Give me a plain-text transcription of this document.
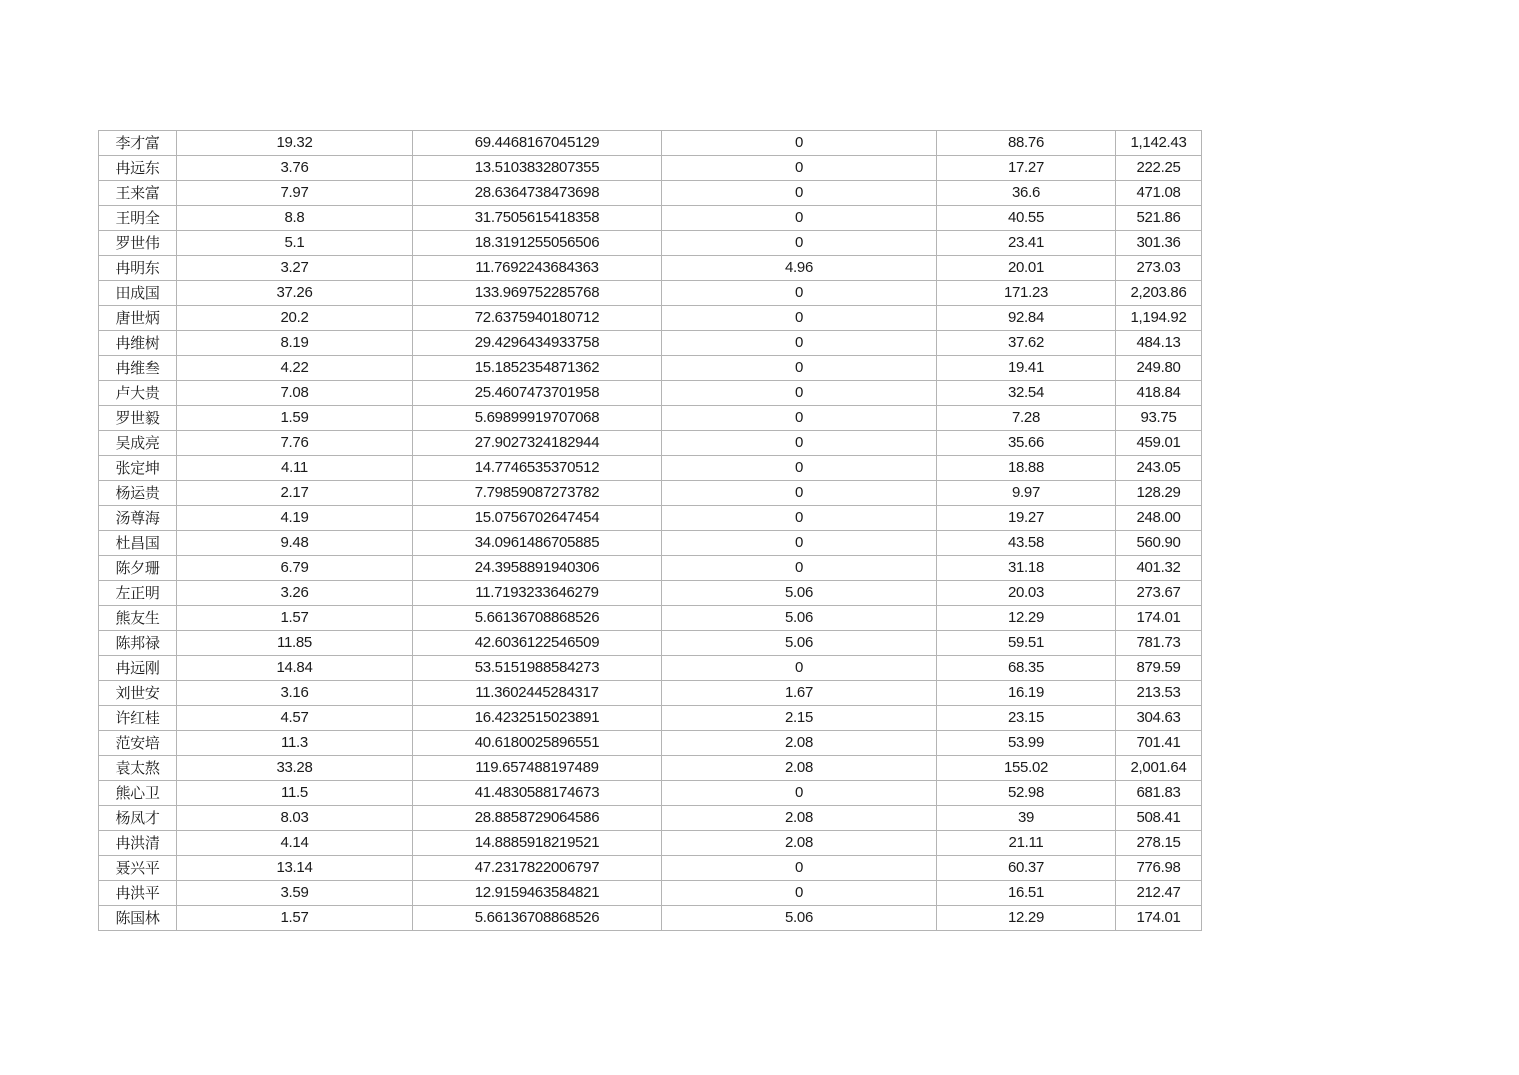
李才富	19.32	69.4468167045129	0	88.76	1,142.43
冉远东	3.76	13.5103832807355	0	17.27	222.25
王来富	7.97	28.6364738473698	0	36.6	471.08
王明全	8.8	31.7505615418358	0	40.55	521.86
罗世伟	5.1	18.3191255056506	0	23.41	301.36
冉明东	3.27	11.7692243684363	4.96	20.01	273.03
田成国	37.26	133.969752285768	0	171.23	2,203.86
唐世炳	20.2	72.6375940180712	0	92.84	1,194.92
冉维树	8.19	29.4296434933758	0	37.62	484.13
冉维叁	4.22	15.1852354871362	0	19.41	249.80
卢大贵	7.08	25.4607473701958	0	32.54	418.84
罗世毅	1.59	5.69899919707068	0	7.28	93.75
吴成亮	7.76	27.9027324182944	0	35.66	459.01
张定坤	4.11	14.7746535370512	0	18.88	243.05
杨运贵	2.17	7.79859087273782	0	9.97	128.29
汤尊海	4.19	15.0756702647454	0	19.27	248.00
杜昌国	9.48	34.0961486705885	0	43.58	560.90
陈夕珊	6.79	24.3958891940306	0	31.18	401.32
左正明	3.26	11.7193233646279	5.06	20.03	273.67
熊友生	1.57	5.66136708868526	5.06	12.29	174.01
陈邦禄	11.85	42.6036122546509	5.06	59.51	781.73
冉远刚	14.84	53.5151988584273	0	68.35	879.59
刘世安	3.16	11.3602445284317	1.67	16.19	213.53
许红桂	4.57	16.4232515023891	2.15	23.15	304.63
范安培	11.3	40.6180025896551	2.08	53.99	701.41
袁太熬	33.28	119.657488197489	2.08	155.02	2,001.64
熊心卫	11.5	41.4830588174673	0	52.98	681.83
杨凤才	8.03	28.8858729064586	2.08	39	508.41
冉洪清	4.14	14.8885918219521	2.08	21.11	278.15
聂兴平	13.14	47.2317822006797	0	60.37	776.98
冉洪平	3.59	12.9159463584821	0	16.51	212.47
陈国林	1.57	5.66136708868526	5.06	12.29	174.01
